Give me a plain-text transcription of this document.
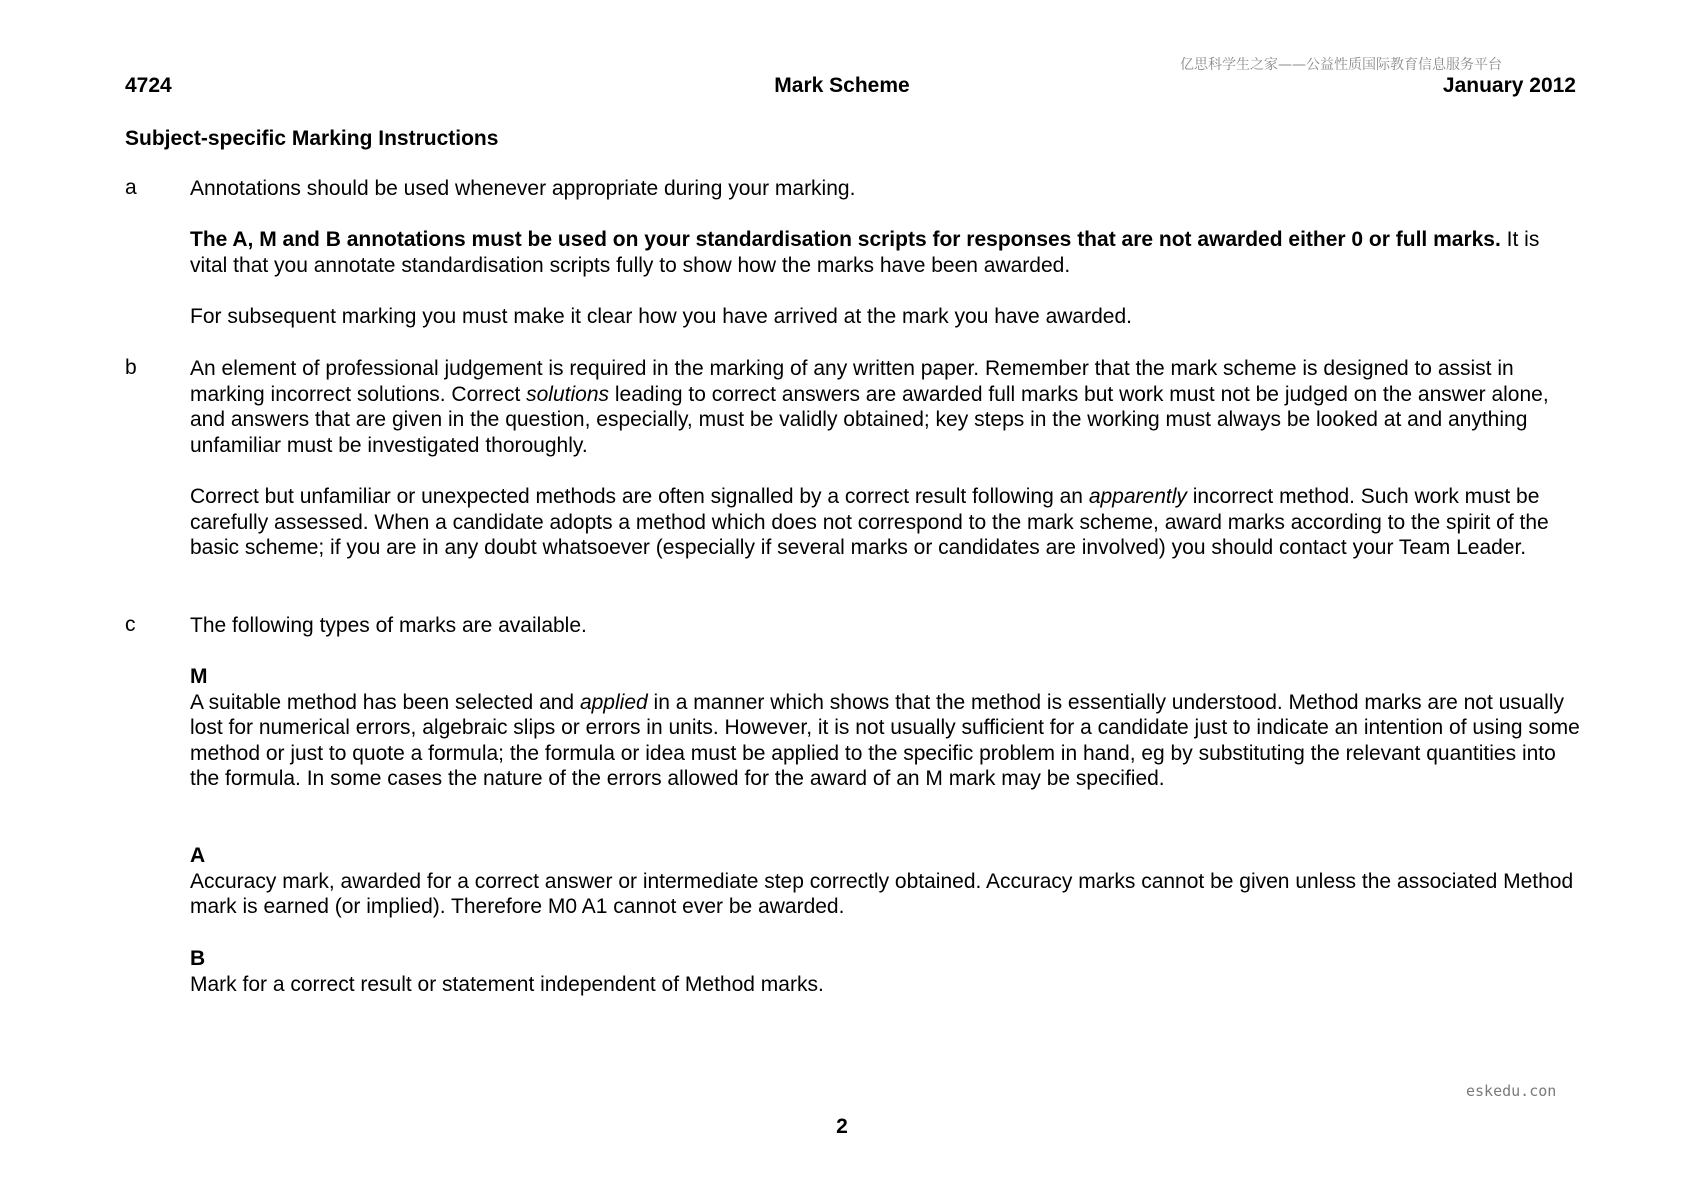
亿思科学生之家——公益性质国际教育信息服务平台
4724	Mark Scheme	January 2012
Subject-specific Marking Instructions
a	Annotations should be used whenever appropriate during your marking.

The A, M and B annotations must be used on your standardisation scripts for responses that are not awarded either 0 or full marks. It is vital that you annotate standardisation scripts fully to show how the marks have been awarded.

For subsequent marking you must make it clear how you have arrived at the mark you have awarded.

b	An element of professional judgement is required in the marking of any written paper. Remember that the mark scheme is designed to assist in marking incorrect solutions. Correct solutions leading to correct answers are awarded full marks but work must not be judged on the answer alone, and answers that are given in the question, especially, must be validly obtained; key steps in the working must always be looked at and anything unfamiliar must be investigated thoroughly.

Correct but unfamiliar or unexpected methods are often signalled by a correct result following an apparently incorrect method. Such work must be carefully assessed. When a candidate adopts a method which does not correspond to the mark scheme, award marks according to the spirit of the basic scheme; if you are in any doubt whatsoever (especially if several marks or candidates are involved) you should contact your Team Leader.

c	The following types of marks are available.

M

A suitable method has been selected and applied in a manner which shows that the method is essentially understood. Method marks are not usually lost for numerical errors, algebraic slips or errors in units. However, it is not usually sufficient for a candidate just to indicate an intention of using some method or just to quote a formula; the formula or idea must be applied to the specific problem in hand, eg by substituting the relevant quantities into the formula. In some cases the nature of the errors allowed for the award of an M mark may be specified.

A

Accuracy mark, awarded for a correct answer or intermediate step correctly obtained. Accuracy marks cannot be given unless the associated Method mark is earned (or implied). Therefore M0 A1 cannot ever be awarded.

B

Mark for a correct result or statement independent of Method marks.

eskedu.con
2
